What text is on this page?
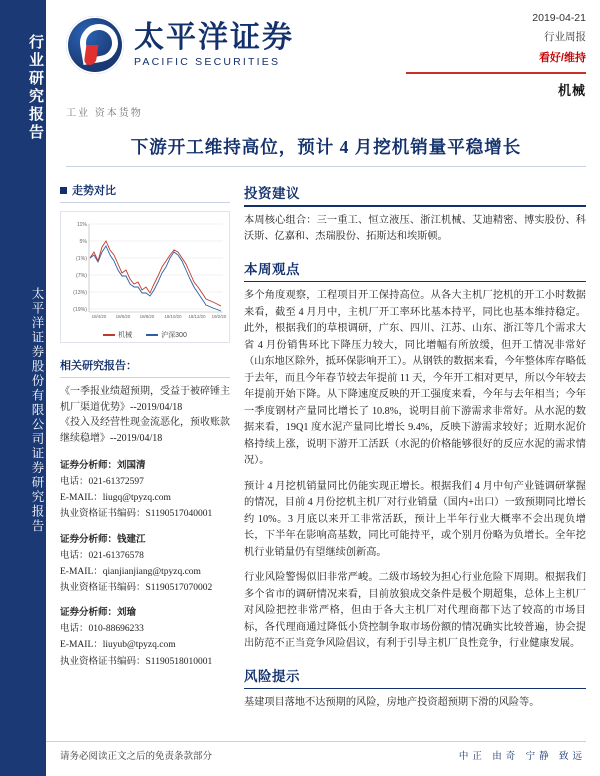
行业研究报告
太平洋证券股份有限公司证券研究报告
太平洋证券
PACIFIC SECURITIES
2019-04-21
行业周报
看好/维持
机械
工业 资本货物
下游开工维持高位，预计 4 月挖机销量平稳增长
走势对比
11%
5%
(1%)
(7%)
(13%)
(19%)
18/4/20 18/6/20 18/8/20 18/10/20 18/12/20 19/2/20
机械	沪深300
相关研究报告：
《一季报业绩超预期，受益于被碎锤主机厂渠道优势》--2019/04/18
《投入及经营性现金流恶化，预收账款继续稳增》--2019/04/18
证券分析师：刘国清
电话：021-61372597
E-MAIL：liugq@tpyzq.com
执业资格证书编码：S1190517040001
证券分析师：钱建江
电话：021-61376578
E-MAIL：qianjianjiang@tpyzq.com
执业资格证书编码：S1190517070002
证券分析师：刘瑜
电话：010-88696233
E-MAIL：liuyub@tpyzq.com
执业资格证书编码：S1190518010001
投资建议
本周核心组合：三一重工、恒立液压、浙江机械、艾迪精密、博实股份、科沃斯、亿嘉和、杰瑞股份、拓斯达和埃斯顿。
本周观点
多个角度观察，工程项目开工保持高位。从各大主机厂挖机的开工小时数据来看，截至 4 月月中，主机厂开工率环比基本持平，同比也基本维持稳定。此外，根据我们的草根调研，广东、四川、江苏、山东、浙江等几个需求大省 4 月份销售环比下降压力较大，同比增幅有所放缓，但开工情况非常好（山东地区除外，抵环保影响开工）。从钢铁的数据来看，今年整体库存略低于去年，而且今年春节较去年提前 11 天，今年开工相对更早，所以今年较去年提前开始下降。从下降速度反映的开工强度来看，今年与去年相当；今年一季度钢材产量同比增长了 10.8%，说明目前下游需求非常好。从水泥的数据来看，19Q1 度水泥产量同比增长 9.4%，反映下游需求较好；近期水泥价格持续上涨，说明下游开工活跃（水泥的价格能够很好的反应水泥的需求情况）。
预计 4 月挖机销量同比仍能实现正增长。根据我们 4 月中旬产业链调研掌握的情况，目前 4 月份挖机主机厂对行业销量（国内+出口）一致预期同比增长约 10%。3 月底以来开工非常活跃，预计上半年行业大概率不会出现负增长，下半年在影响高基数，同比可能持平，或个别月份略为负增长。全年挖机行业销量仍有望继续创新高。
行业风险警惕似旧非常严峻。二级市场较为担心行业危险下周期。根据我们多个省市的调研情况来看，目前放狼成交条件是极个期超集，总体上主机厂对风险把控非常严格，但由于各大主机厂对代理商都下达了较高的市场目标，各代理商通过降低小贷控制争取市场份额的情况确实比较普遍，协会提出防范不正当竞争风险倡议，有利于引导主机厂良性竞争，行业健康发展。
风险提示
基建项目落地不达预期的风险，房地产投资超预期下滑的风险等。
请务必阅读正文之后的免责条款部分	中正 由奇 宁静 致远
